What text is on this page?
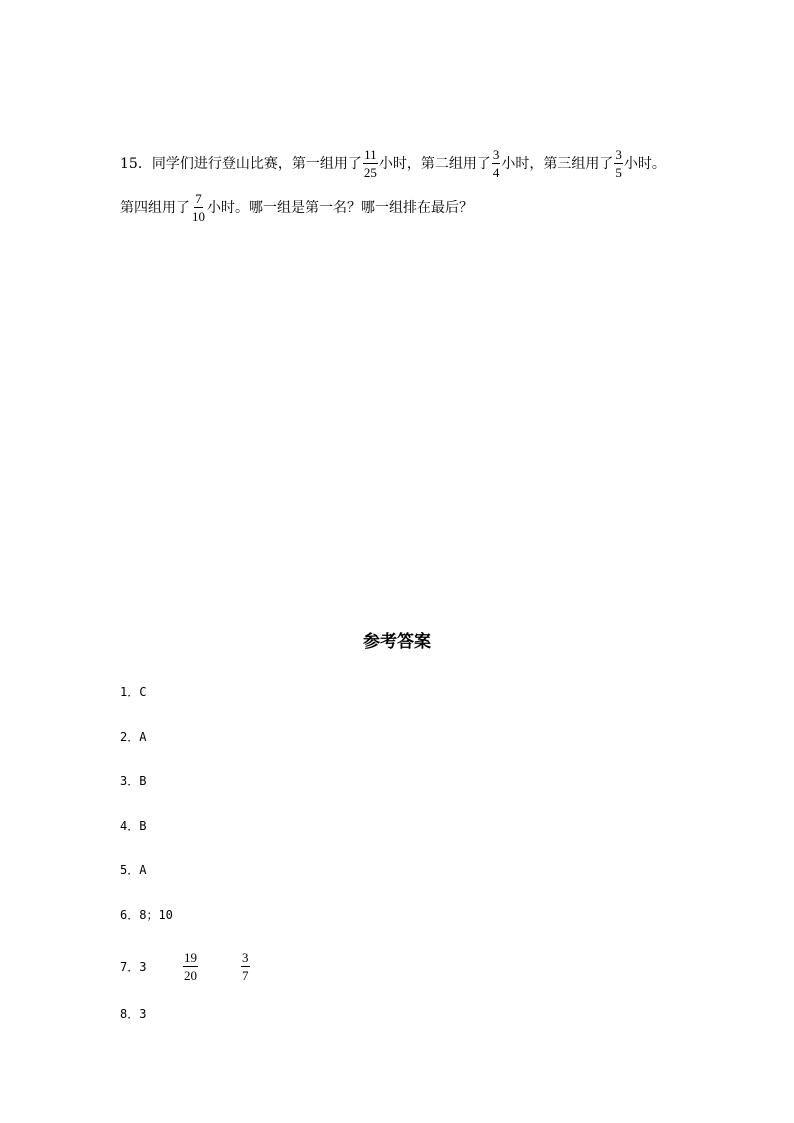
15．同学们进行登山比赛，第一组用了 $\frac{11}{25}$ 小时，第二组用了 $\frac{3}{4}$ 小时，第三组用了 $\frac{3}{5}$ 小时。
第四组用了 $\frac{7}{10}$ 小时。哪一组是第一名？哪一组排在最后？
参考答案
1．C
2．A
3．B
4．B
5．A
6．8；10
7．3	$\frac{19}{20}$	$\frac{3}{7}$
8．3
